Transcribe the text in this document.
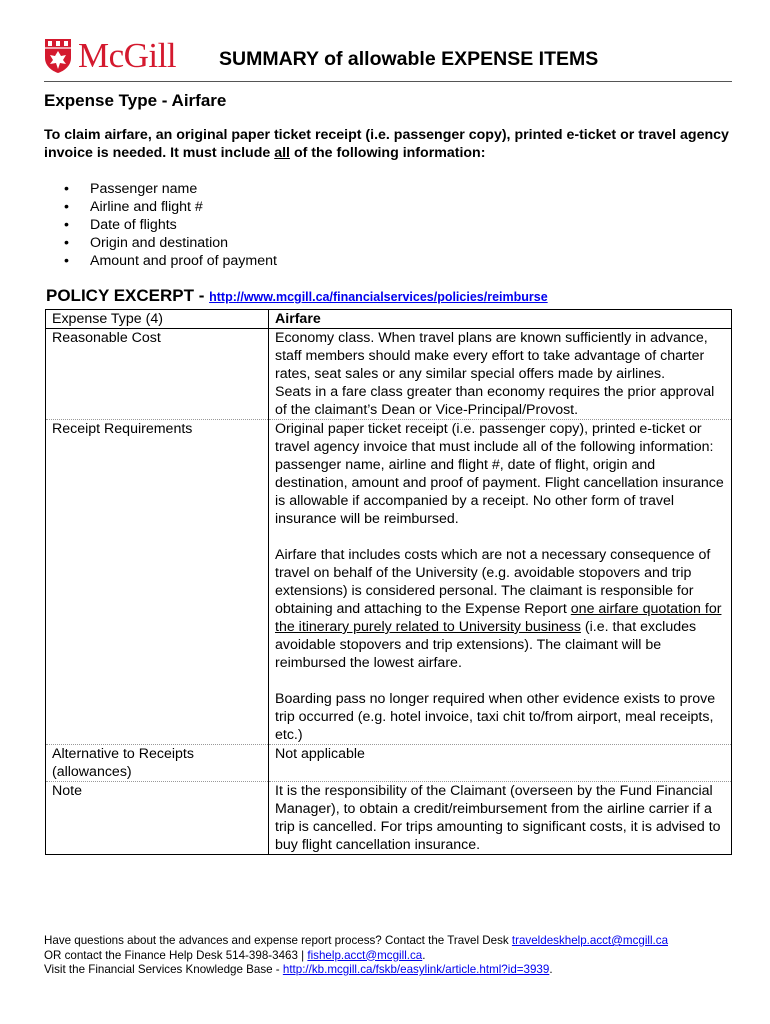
McGill SUMMARY of allowable EXPENSE ITEMS
Expense Type - Airfare
To claim airfare, an original paper ticket receipt (i.e. passenger copy), printed e-ticket or travel agency invoice is needed. It must include all of the following information:
• Passenger name
• Airline and flight #
• Date of flights
• Origin and destination
• Amount and proof of payment
POLICY EXCERPT - http://www.mcgill.ca/financialservices/policies/reimburse
Expense Type (4)	Airfare
Reasonable Cost	Economy class. When travel plans are known sufficiently in advance, staff members should make every effort to take advantage of charter rates, seat sales or any similar special offers made by airlines.

Seats in a fare class greater than economy requires the prior approval of the claimant’s Dean or Vice-Principal/Provost.

Receipt Requirements	Original paper ticket receipt (i.e. passenger copy), printed e-ticket or travel agency invoice that must include all of the following information: passenger name, airline and flight #, date of flight, origin and destination, amount and proof of payment. Flight cancellation insurance is allowable if accompanied by a receipt. No other form of travel insurance will be reimbursed.

Airfare that includes costs which are not a necessary consequence of travel on behalf of the University (e.g. avoidable stopovers and trip extensions) is considered personal. The claimant is responsible for obtaining and attaching to the Expense Report one airfare quotation for the itinerary purely related to University business (i.e. that excludes avoidable stopovers and trip extensions). The claimant will be reimbursed the lowest airfare.

Boarding pass no longer required when other evidence exists to prove trip occurred (e.g. hotel invoice, taxi chit to/from airport, meal receipts, etc.)

Alternative to Receipts (allowances)	Not applicable
Note	It is the responsibility of the Claimant (overseen by the Fund Financial Manager), to obtain a credit/reimbursement from the airline carrier if a trip is cancelled. For trips amounting to significant costs, it is advised to buy flight cancellation insurance.
Have questions about the advances and expense report process? Contact the Travel Desk traveldeskhelp.acct@mcgill.ca
OR contact the Finance Help Desk 514-398-3463 | fishelp.acct@mcgill.ca.
Visit the Financial Services Knowledge Base - http://kb.mcgill.ca/fskb/easylink/article.html?id=3939.
